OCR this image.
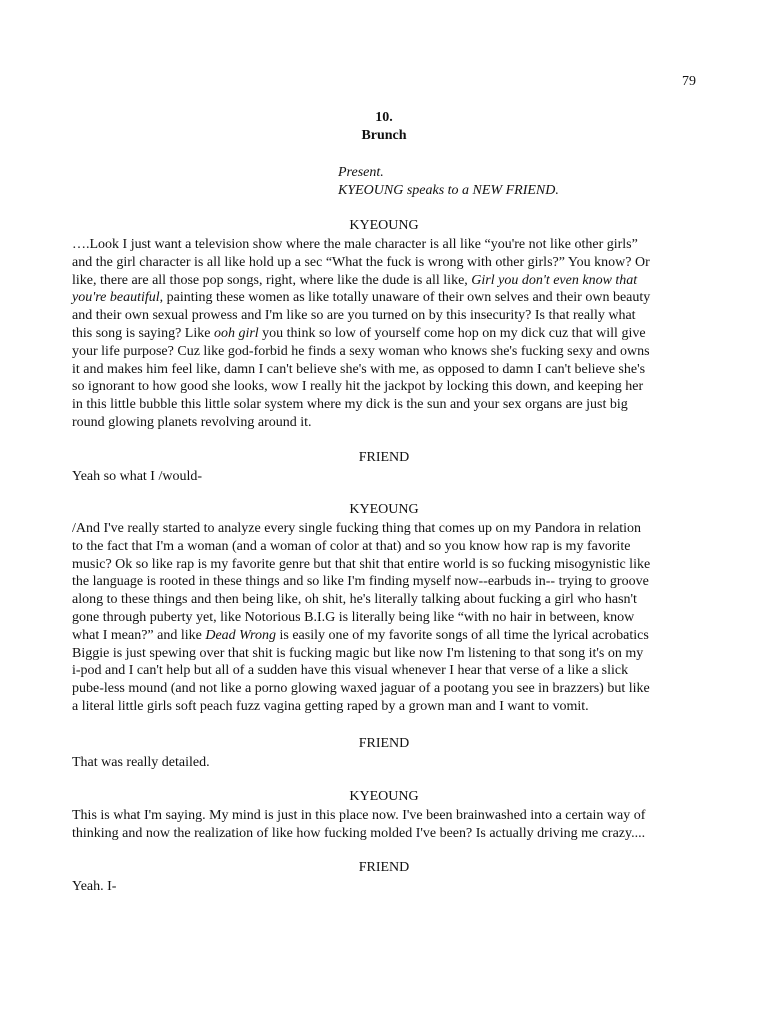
79
10.
Brunch
Present.
KYEOUNG speaks to a NEW FRIEND.
KYEOUNG
….Look I just want a television show where the male character is all like “you're not like other girls”
and the girl character is all like hold up a sec “What the fuck is wrong with other girls?” You know? Or
like, there are all those pop songs, right, where like the dude is all like, Girl you don't even know that
you're beautiful, painting these women as like totally unaware of their own selves and their own beauty
and their own sexual prowess and I'm like so are you turned on by this insecurity? Is that really what
this song is saying? Like ooh girl you think so low of yourself come hop on my dick cuz that will give
your life purpose? Cuz like god-forbid he finds a sexy woman who knows she's fucking sexy and owns
it and makes him feel like, damn I can't believe she's with me, as opposed to damn I can't believe she's
so ignorant to how good she looks, wow I really hit the jackpot by locking this down, and keeping her
in this little bubble this little solar system where my dick is the sun and your sex organs are just big
round glowing planets revolving around it.
FRIEND
Yeah so what I /would-
KYEOUNG
/And I've really started to analyze every single fucking thing that comes up on my Pandora in relation
to the fact that I'm a woman (and a woman of color at that) and so you know how rap is my favorite
music? Ok so like rap is my favorite genre but that shit that entire world is so fucking misogynistic like
the language is rooted in these things and so like I'm finding myself now--earbuds in-- trying to groove
along to these things and then being like, oh shit, he's literally talking about fucking a girl who hasn't
gone through puberty yet, like Notorious B.I.G is literally being like “with no hair in between, know
what I mean?” and like Dead Wrong is easily one of my favorite songs of all time the lyrical acrobatics
Biggie is just spewing over that shit is fucking magic but like now I'm listening to that song it's on my
i-pod and I can't help but all of a sudden have this visual whenever I hear that verse of a like a slick
pube-less mound (and not like a porno glowing waxed jaguar of a pootang you see in brazzers) but like
a literal little girls soft peach fuzz vagina getting raped by a grown man and I want to vomit.
FRIEND
That was really detailed.
KYEOUNG
This is what I'm saying. My mind is just in this place now. I've been brainwashed into a certain way of
thinking and now the realization of like how fucking molded I've been? Is actually driving me crazy....
FRIEND
Yeah. I-
